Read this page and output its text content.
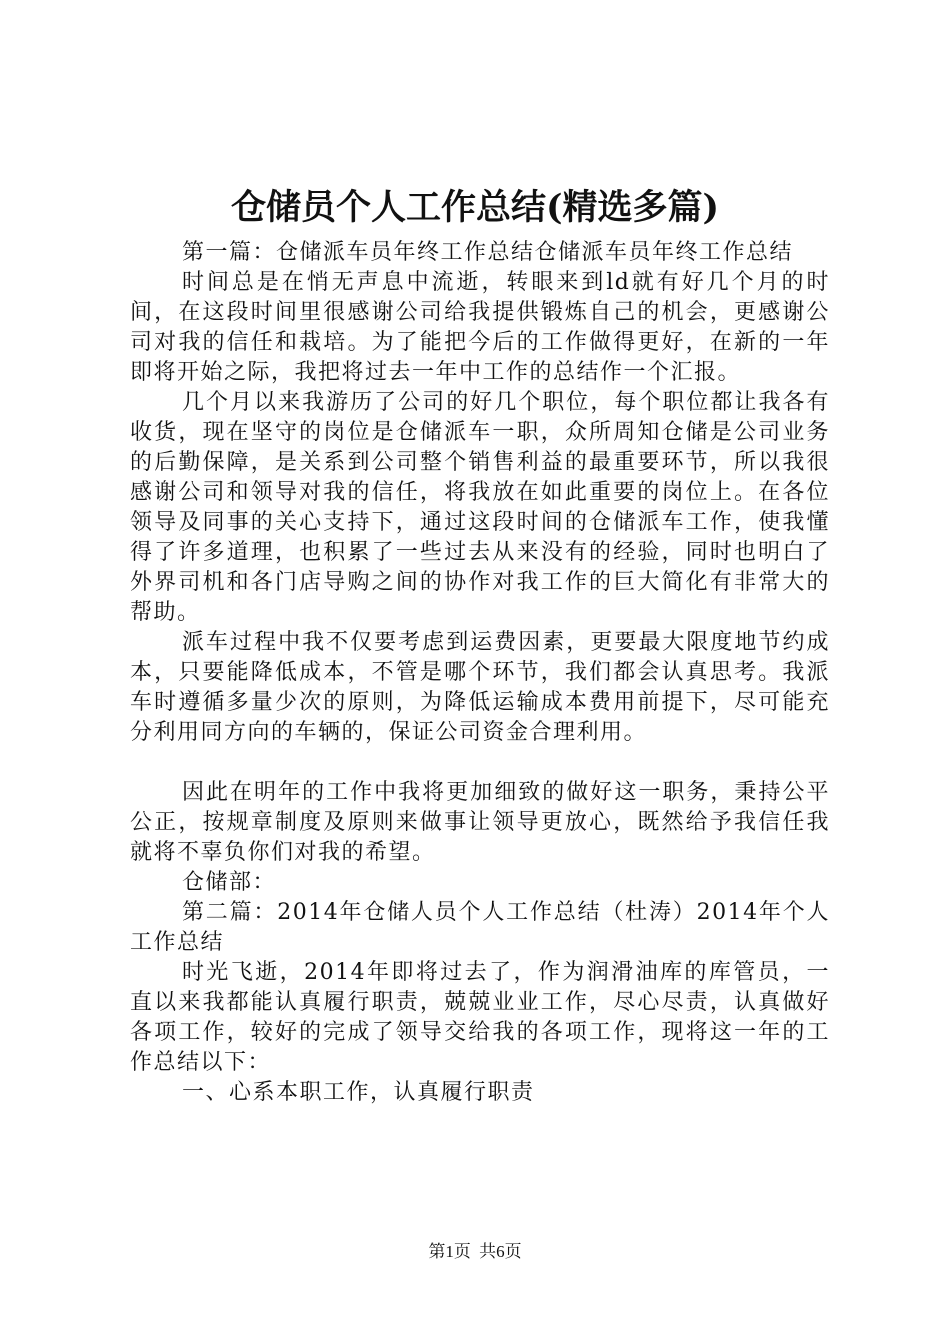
仓储员个人工作总结(精选多篇)

第一篇：仓储派车员年终工作总结仓储派车员年终工作总结

时间总是在悄无声息中流逝，转眼来到ld就有好几个月的时间，在这段时间里很感谢公司给我提供锻炼自己的机会，更感谢公司对我的信任和栽培。为了能把今后的工作做得更好，在新的一年即将开始之际，我把将过去一年中工作的总结作一个汇报。

几个月以来我游历了公司的好几个职位，每个职位都让我各有收货，现在坚守的岗位是仓储派车一职，众所周知仓储是公司业务的后勤保障，是关系到公司整个销售利益的最重要环节，所以我很感谢公司和领导对我的信任，将我放在如此重要的岗位上。在各位领导及同事的关心支持下，通过这段时间的仓储派车工作，使我懂得了许多道理，也积累了一些过去从来没有的经验，同时也明白了外界司机和各门店导购之间的协作对我工作的巨大简化有非常大的帮助。

派车过程中我不仅要考虑到运费因素，更要最大限度地节约成本，只要能降低成本，不管是哪个环节，我们都会认真思考。我派车时遵循多量少次的原则，为降低运输成本费用前提下，尽可能充分利用同方向的车辆的，保证公司资金合理利用。

因此在明年的工作中我将更加细致的做好这一职务，秉持公平公正，按规章制度及原则来做事让领导更放心，既然给予我信任我就将不辜负你们对我的希望。

仓储部：

第二篇：2014年仓储人员个人工作总结（杜涛）2014年个人工作总结

时光飞逝，2014年即将过去了，作为润滑油库的库管员，一直以来我都能认真履行职责，兢兢业业工作，尽心尽责，认真做好各项工作，较好的完成了领导交给我的各项工作，现将这一年的工作总结以下：

一、心系本职工作，认真履行职责

第1页 共6页
